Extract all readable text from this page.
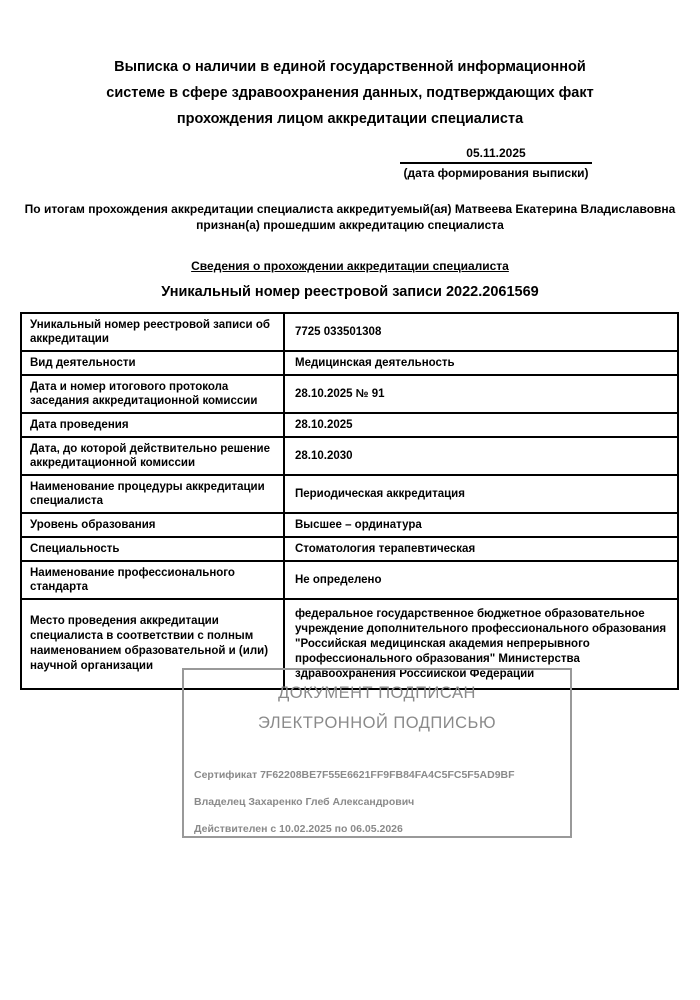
Выписка о наличии в единой государственной информационной
системе в сфере здравоохранения данных, подтверждающих факт
прохождения лицом аккредитации специалиста
05.11.2025
(дата формирования выписки)
По итогам прохождения аккредитации специалиста аккредитуемый(ая) Матвеева Екатерина Владиславовна
признан(а) прошедшим аккредитацию специалиста
Сведения о прохождении аккредитации специалиста
Уникальный номер реестровой записи 2022.2061569
Уникальный номер реестровой записи об аккредитации	7725 033501308
Вид деятельности	Медицинская деятельность
Дата и номер итогового протокола заседания аккредитационной комиссии	28.10.2025 № 91
Дата проведения	28.10.2025
Дата, до которой действительно решение аккредитационной комиссии	28.10.2030
Наименование процедуры аккредитации специалиста	Периодическая аккредитация
Уровень образования	Высшее – ординатура
Специальность	Стоматология терапевтическая
Наименование профессионального стандарта	Не определено
Место проведения аккредитации специалиста в соответствии с полным наименованием образовательной и (или) научной организации	федеральное государственное бюджетное образовательное учреждение дополнительного профессионального образования "Российская медицинская академия непрерывного профессионального образования" Министерства здравоохранения Российской Федерации
ДОКУМЕНТ ПОДПИСАН
ЭЛЕКТРОННОЙ ПОДПИСЬЮ
Сертификат 7F62208BE7F55E6621FF9FB84FA4C5FC5F5AD9BF
Владелец Захаренко Глеб Александрович
Действителен с 10.02.2025 по 06.05.2026
